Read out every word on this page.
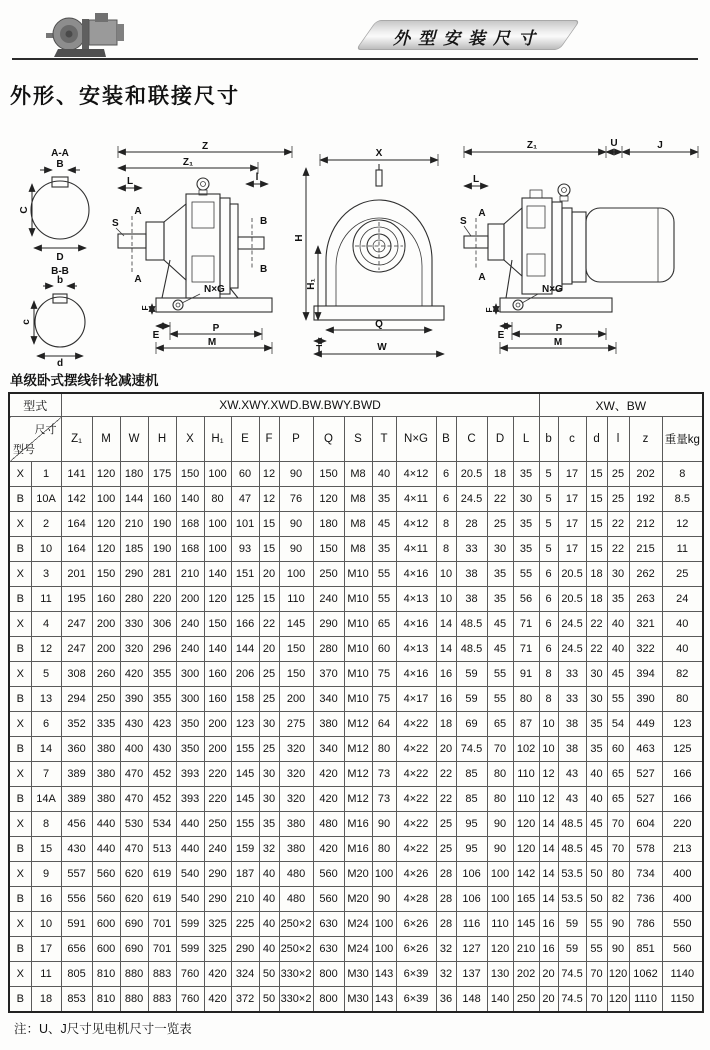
外型安装尺寸
外形、安装和联接尺寸
A-A
B
C
D
B-B
b
c
d
Z
Z₁
L	l
A
A
S	B
B
N×G
F
E
P
M
X
H
H₁
Q
T	W
Z₁	U	J
L
S
A
A
N×G
F
E
P
M
单级卧式摆线针轮减速机
型式		XW.XWY.XWD.BW.BWY.BWD																	XW、BW					

尺寸
型号		Z₁	M	W	H	X	H₁	E	F	P	Q	S	T	N×G	B	C	D	L	b	c	d	l	z	重量kg
X	1	141	120	180	175	150	100	60	12	90	150	M8	40	4×12	6	20.5	18	35	5	17	15	25	202	8
B	10A	142	100	144	160	140	80	47	12	76	120	M8	35	4×11	6	24.5	22	30	5	17	15	25	192	8.5
X	2	164	120	210	190	168	100	101	15	90	180	M8	45	4×12	8	28	25	35	5	17	15	22	212	12
B	10	164	120	185	190	168	100	93	15	90	150	M8	35	4×11	8	33	30	35	5	17	15	22	215	11
X	3	201	150	290	281	210	140	151	20	100	250	M10	55	4×16	10	38	35	55	6	20.5	18	30	262	25
B	11	195	160	280	220	200	120	125	15	110	240	M10	55	4×13	10	38	35	56	6	20.5	18	35	263	24
X	4	247	200	330	306	240	150	166	22	145	290	M10	65	4×16	14	48.5	45	71	6	24.5	22	40	321	40
B	12	247	200	320	296	240	140	144	20	150	280	M10	60	4×13	14	48.5	45	71	6	24.5	22	40	322	40
X	5	308	260	420	355	300	160	206	25	150	370	M10	75	4×16	16	59	55	91	8	33	30	45	394	82
B	13	294	250	390	355	300	160	158	25	200	340	M10	75	4×17	16	59	55	80	8	33	30	55	390	80
X	6	352	335	430	423	350	200	123	30	275	380	M12	64	4×22	18	69	65	87	10	38	35	54	449	123
B	14	360	380	400	430	350	200	155	25	320	340	M12	80	4×22	20	74.5	70	102	10	38	35	60	463	125
X	7	389	380	470	452	393	220	145	30	320	420	M12	73	4×22	22	85	80	110	12	43	40	65	527	166
B	14A	389	380	470	452	393	220	145	30	320	420	M12	73	4×22	22	85	80	110	12	43	40	65	527	166
X	8	456	440	530	534	440	250	155	35	380	480	M16	90	4×22	25	95	90	120	14	48.5	45	70	604	220
B	15	430	440	470	513	440	240	159	32	380	420	M16	80	4×22	25	95	90	120	14	48.5	45	70	578	213
X	9	557	560	620	619	540	290	187	40	480	560	M20	100	4×26	28	106	100	142	14	53.5	50	80	734	400
B	16	556	560	620	619	540	290	210	40	480	560	M20	90	4×28	28	106	100	165	14	53.5	50	82	736	400
X	10	591	600	690	701	599	325	225	40	250×2	630	M24	100	6×26	28	116	110	145	16	59	55	90	786	550
B	17	656	600	690	701	599	325	290	40	250×2	630	M24	100	6×26	32	127	120	210	16	59	55	90	851	560
X	11	805	810	880	883	760	420	324	50	330×2	800	M30	143	6×39	32	137	130	202	20	74.5	70	120	1062	1140
B	18	853	810	880	883	760	420	372	50	330×2	800	M30	143	6×39	36	148	140	250	20	74.5	70	120	1110	1150
注：U、J尺寸见电机尺寸一览表
